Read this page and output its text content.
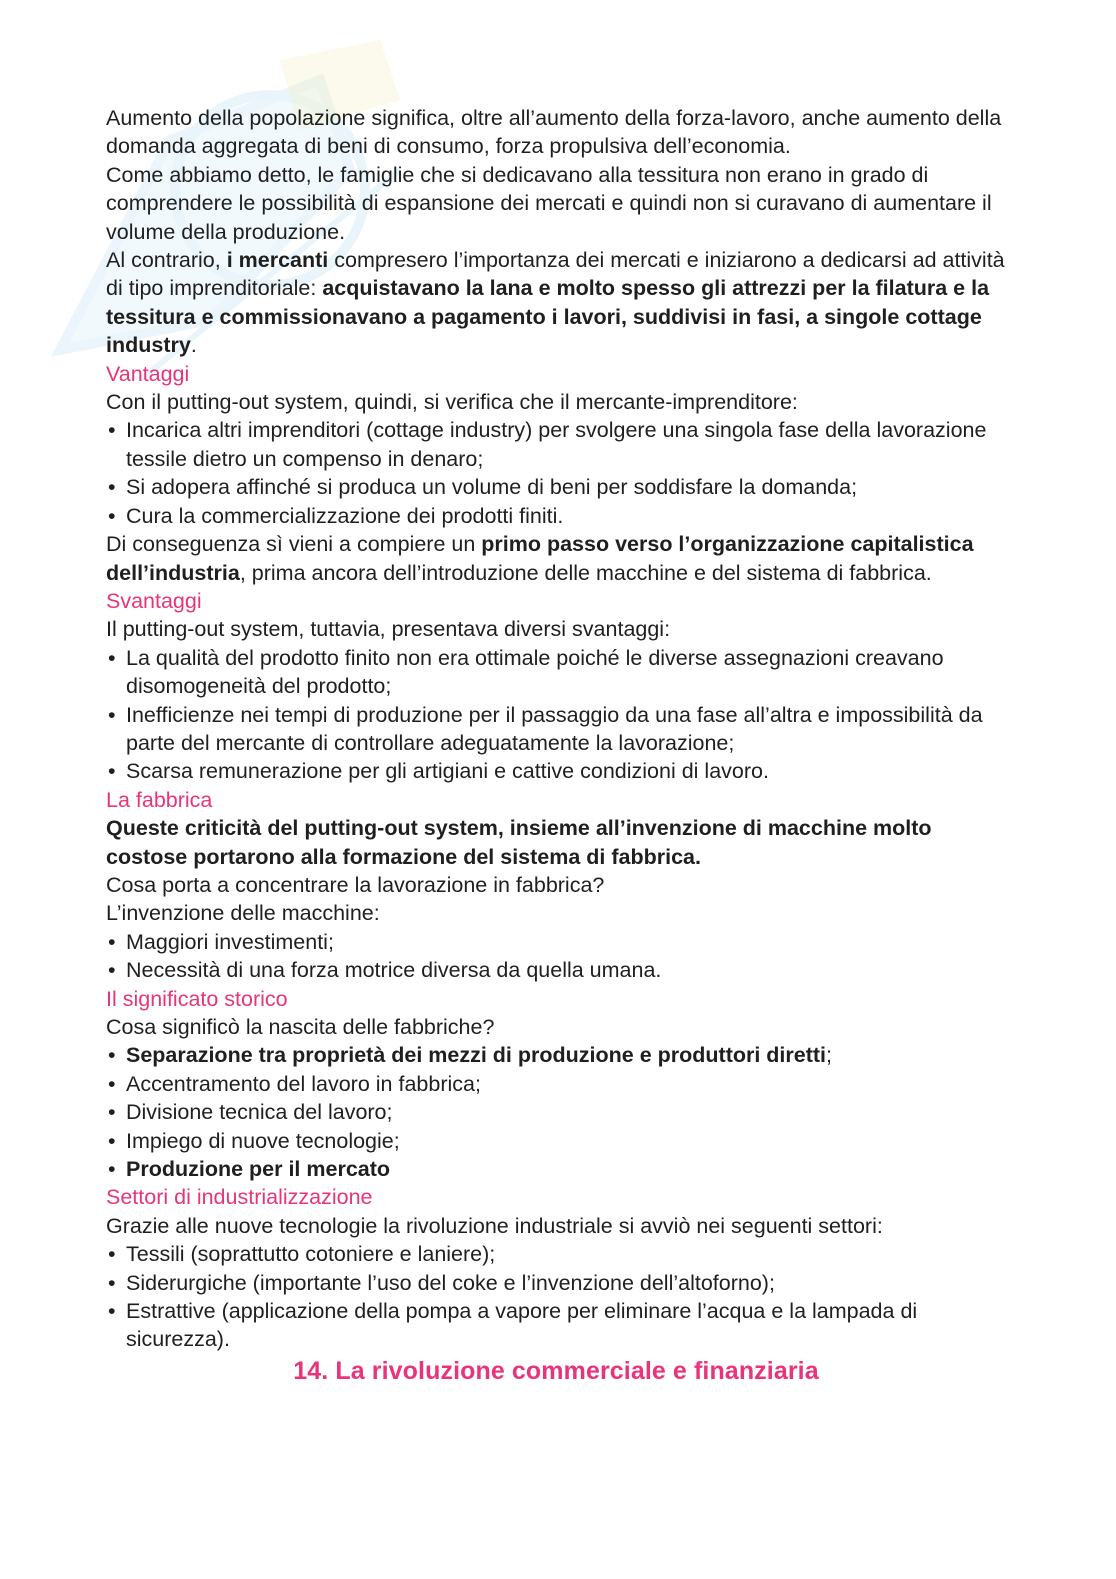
Aumento della popolazione significa, oltre all’aumento della forza-lavoro, anche aumento della domanda aggregata di beni di consumo, forza propulsiva dell’economia.

Come abbiamo detto, le famiglie che si dedicavano alla tessitura non erano in grado di comprendere le possibilità di espansione dei mercati e quindi non si curavano di aumentare il volume della produzione.

Al contrario, i mercanti compresero l’importanza dei mercati e iniziarono a dedicarsi ad attività di tipo imprenditoriale: acquistavano la lana e molto spesso gli attrezzi per la filatura e la tessitura e commissionavano a pagamento i lavori, suddivisi in fasi, a singole cottage industry.

Vantaggi

Con il putting-out system, quindi, si verifica che il mercante-imprenditore:

• Incarica altri imprenditori (cottage industry) per svolgere una singola fase della lavorazione tessile dietro un compenso in denaro;
• Si adopera affinché si produca un volume di beni per soddisfare la domanda;
• Cura la commercializzazione dei prodotti finiti.

Di conseguenza sì vieni a compiere un primo passo verso l’organizzazione capitalistica dell’industria, prima ancora dell’introduzione delle macchine e del sistema di fabbrica.

Svantaggi

Il putting-out system, tuttavia, presentava diversi svantaggi:

• La qualità del prodotto finito non era ottimale poiché le diverse assegnazioni creavano disomogeneità del prodotto;
• Inefficienze nei tempi di produzione per il passaggio da una fase all’altra e impossibilità da parte del mercante di controllare adeguatamente la lavorazione;
• Scarsa remunerazione per gli artigiani e cattive condizioni di lavoro.

La fabbrica

Queste criticità del putting-out system, insieme all’invenzione di macchine molto costose portarono alla formazione del sistema di fabbrica.

Cosa porta a concentrare la lavorazione in fabbrica?

L’invenzione delle macchine:

• Maggiori investimenti;
• Necessità di una forza motrice diversa da quella umana.

Il significato storico

Cosa significò la nascita delle fabbriche?

• Separazione tra proprietà dei mezzi di produzione e produttori diretti;
• Accentramento del lavoro in fabbrica;
• Divisione tecnica del lavoro;
• Impiego di nuove tecnologie;
• Produzione per il mercato

Settori di industrializzazione

Grazie alle nuove tecnologie la rivoluzione industriale si avviò nei seguenti settori:

• Tessili (soprattutto cotoniere e laniere);
• Siderurgiche (importante l’uso del coke e l’invenzione dell’altoforno);
• Estrattive (applicazione della pompa a vapore per eliminare l’acqua e la lampada di sicurezza).

14. La rivoluzione commerciale e finanziaria
